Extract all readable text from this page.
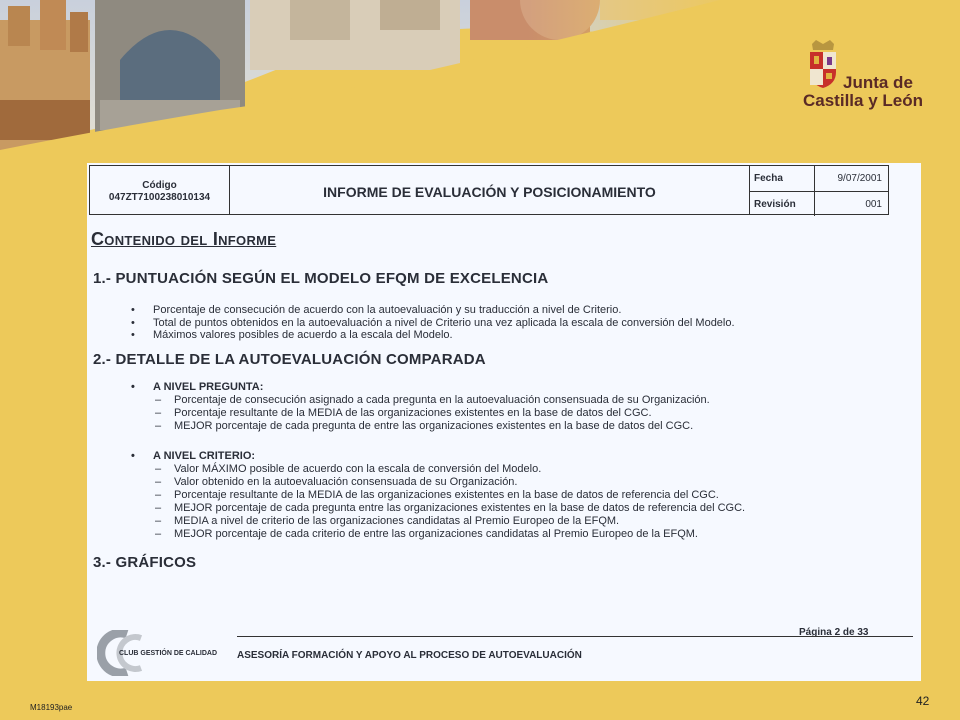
Junta de
Castilla y León
Código
047ZT7100238010134	INFORME DE EVALUACIÓN Y POSICIONAMIENTO
Fecha	9/07/2001
Revisión	001
Contenido del Informe
1.- PUNTUACIÓN SEGÚN EL MODELO EFQM DE EXCELENCIA
• Porcentaje de consecución de acuerdo con la autoevaluación y su traducción a nivel de Criterio.
• Total de puntos obtenidos en la autoevaluación a nivel de Criterio una vez aplicada la escala de conversión del Modelo.
• Máximos valores posibles de acuerdo a la escala del Modelo.
2.- DETALLE DE LA AUTOEVALUACIÓN COMPARADA
• A NIVEL PREGUNTA:
– Porcentaje de consecución asignado a cada pregunta en la autoevaluación consensuada de su Organización.
– Porcentaje resultante de la MEDIA de las organizaciones existentes en la base de datos del CGC.
– MEJOR porcentaje de cada pregunta de entre las organizaciones existentes en la base de datos del CGC.
• A NIVEL CRITERIO:
– Valor MÁXIMO posible de acuerdo con la escala de conversión del Modelo.
– Valor obtenido en la autoevaluación consensuada de su Organización.
– Porcentaje resultante de la MEDIA de las organizaciones existentes en la base de datos de referencia del CGC.
– MEJOR porcentaje de cada pregunta entre las organizaciones existentes en la base de datos de referencia del CGC.
– MEDIA a nivel de criterio de las organizaciones candidatas al Premio Europeo de la EFQM.
– MEJOR porcentaje de cada criterio de entre las organizaciones candidatas al Premio Europeo de la EFQM.
3.- GRÁFICOS
Página 2 de 33
CLUB GESTIÓN DE CALIDAD ASESORÍA FORMACIÓN Y APOYO AL PROCESO DE AUTOEVALUACIÓN
M18193pae	42
